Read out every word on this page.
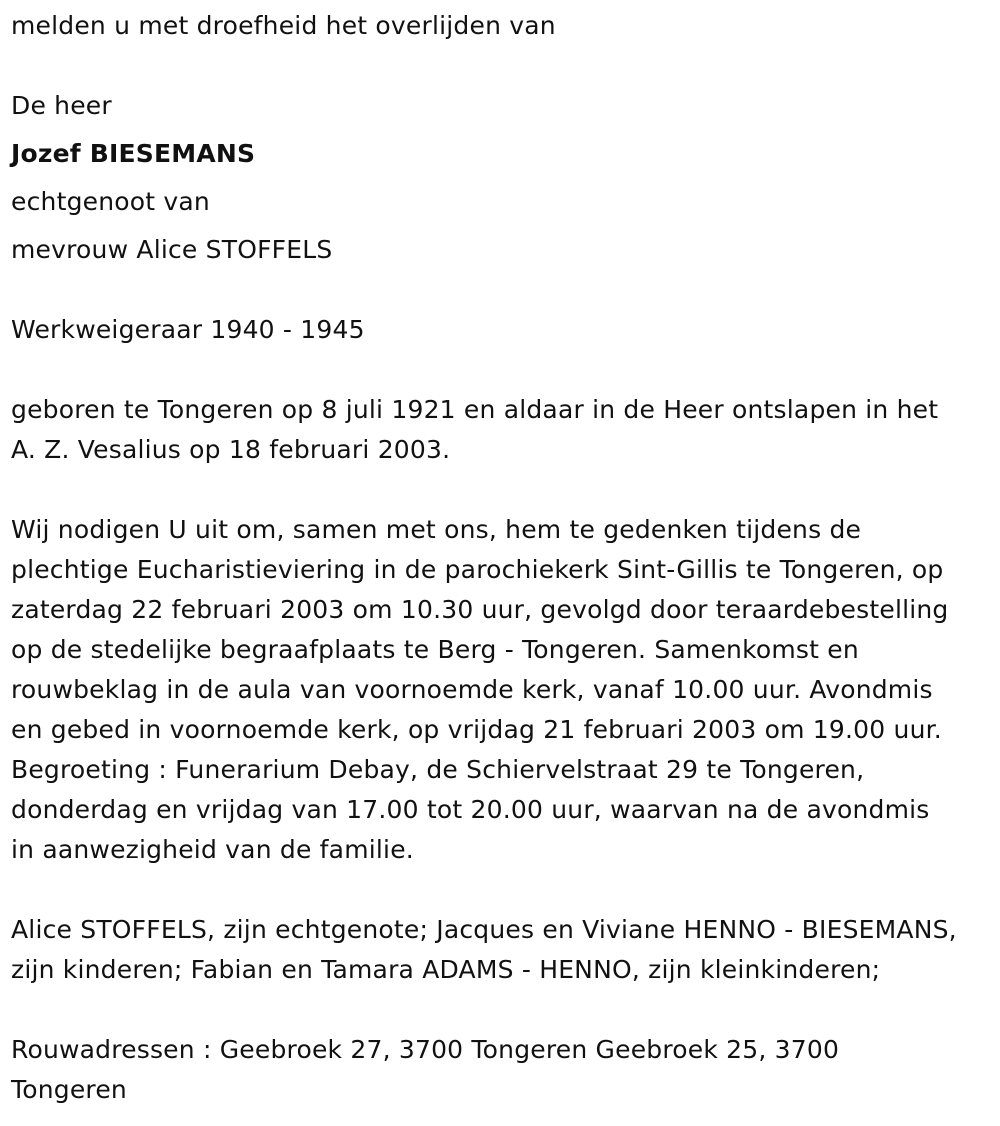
melden u met droefheid het overlijden van
De heer
Jozef BIESEMANS
echtgenoot van
mevrouw Alice STOFFELS
Werkweigeraar 1940 - 1945
geboren te Tongeren op 8 juli 1921 en aldaar in de Heer ontslapen in het
A. Z. Vesalius op 18 februari 2003.
Wij nodigen U uit om, samen met ons, hem te gedenken tijdens de
plechtige Eucharistieviering in de parochiekerk Sint-Gillis te Tongeren, op
zaterdag 22 februari 2003 om 10.30 uur, gevolgd door teraardebestelling
op de stedelijke begraafplaats te Berg - Tongeren. Samenkomst en
rouwbeklag in de aula van voornoemde kerk, vanaf 10.00 uur. Avondmis
en gebed in voornoemde kerk, op vrijdag 21 februari 2003 om 19.00 uur.
Begroeting : Funerarium Debay, de Schiervelstraat 29 te Tongeren,
donderdag en vrijdag van 17.00 tot 20.00 uur, waarvan na de avondmis
in aanwezigheid van de familie.
Alice STOFFELS, zijn echtgenote; Jacques en Viviane HENNO - BIESEMANS,
zijn kinderen; Fabian en Tamara ADAMS - HENNO, zijn kleinkinderen;
Rouwadressen : Geebroek 27, 3700 Tongeren Geebroek 25, 3700
Tongeren
